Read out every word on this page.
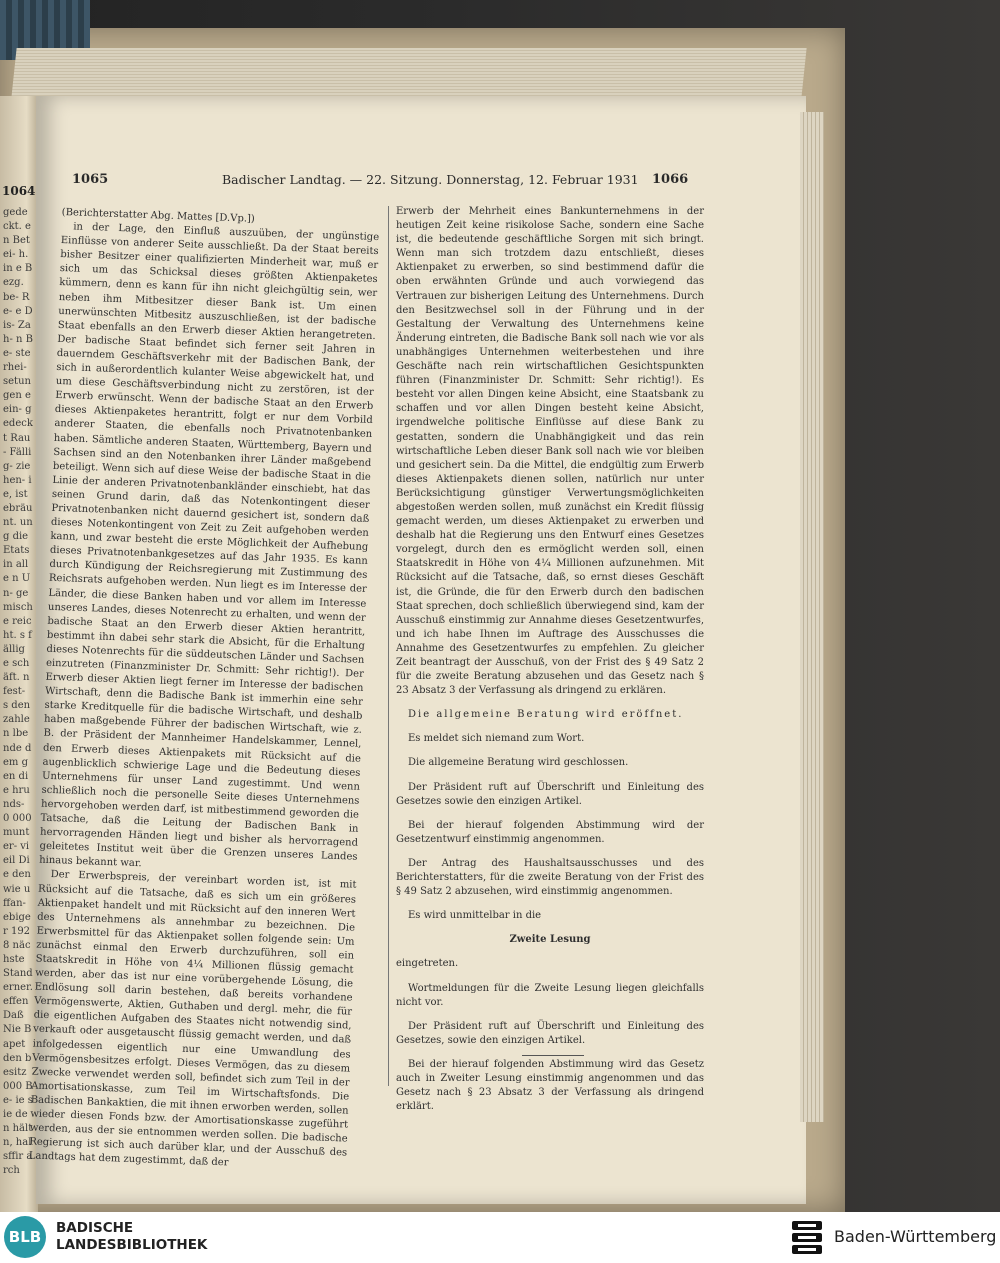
1064
gedeckt. en Betei- h. in e Bezg. be- Re- e Dis- Zah- n Be- sterhei- setungen e ein- gedeckt Rau- Fällig- ziehen- ie, ist ebräunt. ung die Etats in alle n Un- gemische reicht. s fällig e schäft. n fest- s den zahlen lbende dem gen die hrunds- 0 000 munter- vieil Die den wie uffan- ebiger 1928 nächste Stand erner. effen Daß Nie Bapet den besitz 000 Be- ie sie den hältn, hal sffir arch
1065	Badischer Landtag. — 22. Sitzung. Donnerstag, 12. Februar 1931 1066

(Berichterstatter Abg. Mattes [D.Vp.])

in der Lage, den Einfluß auszuüben, der ungünstige Einflüsse von anderer Seite ausschließt. Da der Staat bereits bisher Besitzer einer qualifizierten Minderheit war, muß er sich um das Schicksal dieses größten Aktienpaketes kümmern, denn es kann für ihn nicht gleichgültig sein, wer neben ihm Mitbesitzer dieser Bank ist. Um einen unerwünschten Mitbesitz auszuschließen, ist der badische Staat ebenfalls an den Erwerb dieser Aktien herangetreten. Der badische Staat befindet sich ferner seit Jahren in dauerndem Geschäftsverkehr mit der Badischen Bank, der sich in außerordentlich kulanter Weise abgewickelt hat, und um diese Geschäftsverbindung nicht zu zerstören, ist der Erwerb erwünscht. Wenn der badische Staat an den Erwerb dieses Aktienpaketes herantritt, folgt er nur dem Vorbild anderer Staaten, die ebenfalls noch Privatnotenbanken haben. Sämtliche anderen Staaten, Württemberg, Bayern und Sachsen sind an den Notenbanken ihrer Länder maßgebend beteiligt. Wenn sich auf diese Weise der badische Staat in die Linie der anderen Privatnotenbankländer einschiebt, hat das seinen Grund darin, daß das Notenkontingent dieser Privatnotenbanken nicht dauernd gesichert ist, sondern daß dieses Notenkontingent von Zeit zu Zeit aufgehoben werden kann, und zwar besteht die erste Möglichkeit der Aufhebung dieses Privatnotenbankgesetzes auf das Jahr 1935. Es kann durch Kündigung der Reichsregierung mit Zustimmung des Reichsrats aufgehoben werden. Nun liegt es im Interesse der Länder, die diese Banken haben und vor allem im Interesse unseres Landes, dieses Notenrecht zu erhalten, und wenn der badische Staat an den Erwerb dieser Aktien herantritt, bestimmt ihn dabei sehr stark die Absicht, für die Erhaltung dieses Notenrechts für die süddeutschen Länder und Sachsen einzutreten (Finanzminister Dr. Schmitt: Sehr richtig!). Der Erwerb dieser Aktien liegt ferner im Interesse der badischen Wirtschaft, denn die Badische Bank ist immerhin eine sehr starke Kreditquelle für die badische Wirtschaft, und deshalb haben maßgebende Führer der badischen Wirtschaft, wie z. B. der Präsident der Mannheimer Handelskammer, Lennel, den Erwerb dieses Aktienpakets mit Rücksicht auf die augenblicklich schwierige Lage und die Bedeutung dieses Unternehmens für unser Land zugestimmt. Und wenn schließlich noch die personelle Seite dieses Unternehmens hervorgehoben werden darf, ist mitbestimmend geworden die Tatsache, daß die Leitung der Badischen Bank in hervorragenden Händen liegt und bisher als hervorragend geleitetes Institut weit über die Grenzen unseres Landes hinaus bekannt war.

Der Erwerbspreis, der vereinbart worden ist, ist mit Rücksicht auf die Tatsache, daß es sich um ein größeres Aktienpaket handelt und mit Rücksicht auf den inneren Wert des Unternehmens als annehmbar zu bezeichnen. Die Erwerbsmittel für das Aktienpaket sollen folgende sein: Um zunächst einmal den Erwerb durchzuführen, soll ein Staatskredit in Höhe von 4¼ Millionen flüssig gemacht werden, aber das ist nur eine vorübergehende Lösung, die Endlösung soll darin bestehen, daß bereits vorhandene Vermögenswerte, Aktien, Guthaben und dergl. mehr, die für die eigentlichen Aufgaben des Staates nicht notwendig sind, verkauft oder ausgetauscht flüssig gemacht werden, und daß infolgedessen eigentlich nur eine Umwandlung des Vermögensbesitzes erfolgt. Dieses Vermögen, das zu diesem Zwecke verwendet werden soll, befindet sich zum Teil in der Amortisationskasse, zum Teil im Wirtschaftsfonds. Die Badischen Bankaktien, die mit ihnen erworben werden, sollen wieder diesen Fonds bzw. der Amortisationskasse zugeführt werden, aus der sie entnommen werden sollen. Die badische Regierung ist sich auch darüber klar, und der Ausschuß des Landtags hat dem zugestimmt, daß der

Erwerb der Mehrheit eines Bankunternehmens in der heutigen Zeit keine risikolose Sache, sondern eine Sache ist, die bedeutende geschäftliche Sorgen mit sich bringt. Wenn man sich trotzdem dazu entschließt, dieses Aktienpaket zu erwerben, so sind bestimmend dafür die oben erwähnten Gründe und auch vorwiegend das Vertrauen zur bisherigen Leitung des Unternehmens. Durch den Besitzwechsel soll in der Führung und in der Gestaltung der Verwaltung des Unternehmens keine Änderung eintreten, die Badische Bank soll nach wie vor als unabhängiges Unternehmen weiterbestehen und ihre Geschäfte nach rein wirtschaftlichen Gesichtspunkten führen (Finanzminister Dr. Schmitt: Sehr richtig!). Es besteht vor allen Dingen keine Absicht, eine Staatsbank zu schaffen und vor allen Dingen besteht keine Absicht, irgendwelche politische Einflüsse auf diese Bank zu gestatten, sondern die Unabhängigkeit und das rein wirtschaftliche Leben dieser Bank soll nach wie vor bleiben und gesichert sein. Da die Mittel, die endgültig zum Erwerb dieses Aktienpakets dienen sollen, natürlich nur unter Berücksichtigung günstiger Verwertungsmöglichkeiten abgestoßen werden sollen, muß zunächst ein Kredit flüssig gemacht werden, um dieses Aktienpaket zu erwerben und deshalb hat die Regierung uns den Entwurf eines Gesetzes vorgelegt, durch den es ermöglicht werden soll, einen Staatskredit in Höhe von 4¼ Millionen aufzunehmen. Mit Rücksicht auf die Tatsache, daß, so ernst dieses Geschäft ist, die Gründe, die für den Erwerb durch den badischen Staat sprechen, doch schließlich überwiegend sind, kam der Ausschuß einstimmig zur Annahme dieses Gesetzentwurfes, und ich habe Ihnen im Auftrage des Ausschusses die Annahme des Gesetzentwurfes zu empfehlen. Zu gleicher Zeit beantragt der Ausschuß, von der Frist des § 49 Satz 2 für die zweite Beratung abzusehen und das Gesetz nach § 23 Absatz 3 der Verfassung als dringend zu erklären.

Die allgemeine Beratung wird eröffnet.

Es meldet sich niemand zum Wort.

Die allgemeine Beratung wird geschlossen.

Der Präsident ruft auf Überschrift und Einleitung des Gesetzes sowie den einzigen Artikel.

Bei der hierauf folgenden Abstimmung wird der Gesetzentwurf einstimmig angenommen.

Der Antrag des Haushaltsausschusses und des Berichterstatters, für die zweite Beratung von der Frist des § 49 Satz 2 abzusehen, wird einstimmig angenommen.

Es wird unmittelbar in die

Zweite Lesung

eingetreten.

Wortmeldungen für die Zweite Lesung liegen gleichfalls nicht vor.

Der Präsident ruft auf Überschrift und Einleitung des Gesetzes, sowie den einzigen Artikel.

Bei der hierauf folgenden Abstimmung wird das Gesetz auch in Zweiter Lesung einstimmig angenommen und das Gesetz nach § 23 Absatz 3 der Verfassung als dringend erklärt.

BLB	BADISCHE
LANDESBIBLIOTHEK	Baden-Württemberg
